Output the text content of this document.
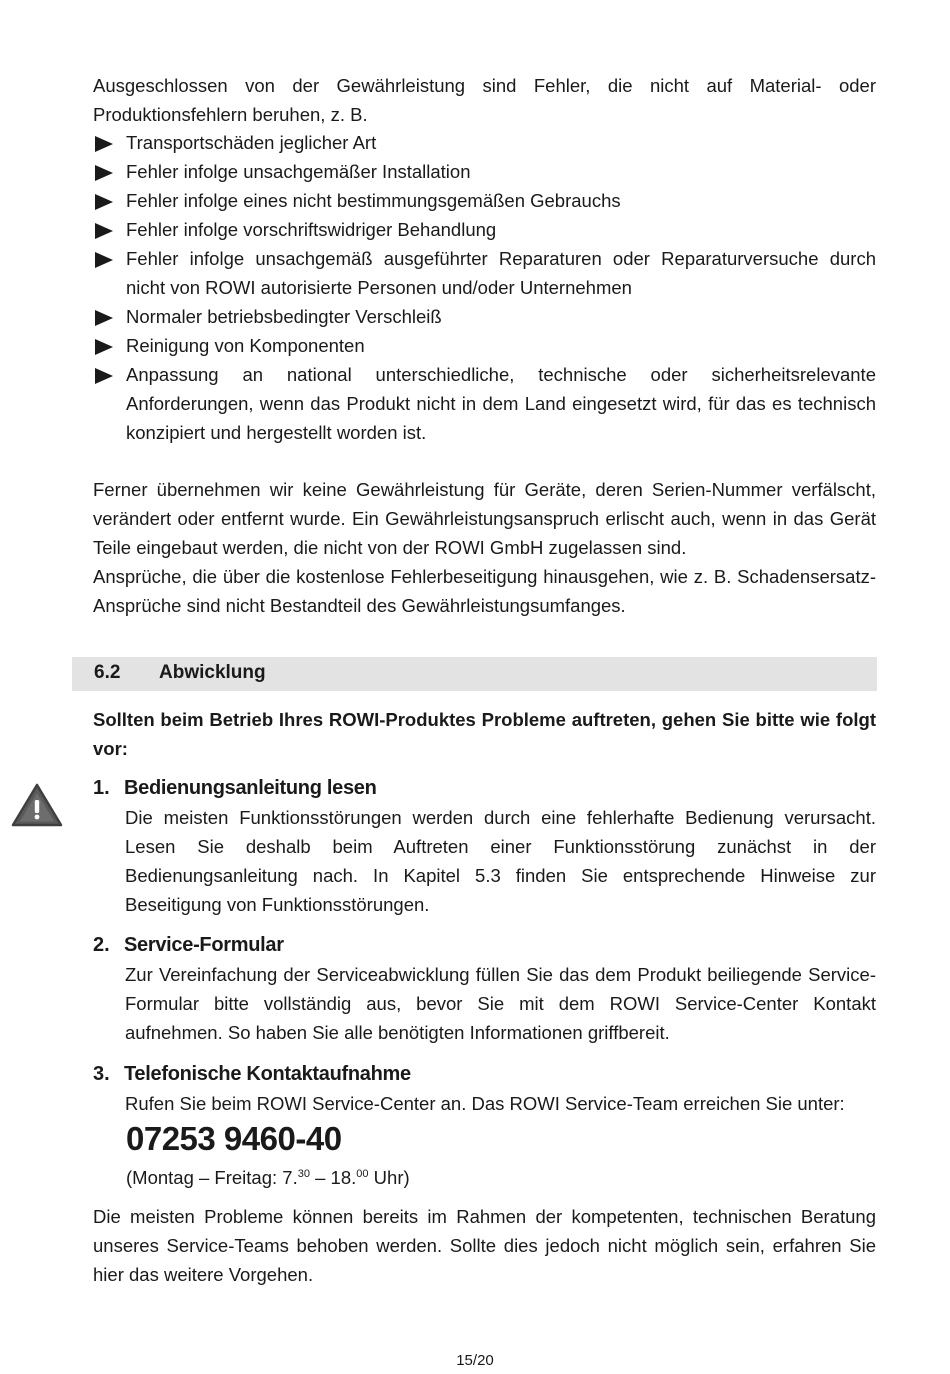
Ausgeschlossen von der Gewährleistung sind Fehler, die nicht auf Material- oder Produktionsfehlern beruhen, z. B.

Transportschäden jeglicher Art
Fehler infolge unsachgemäßer Installation
Fehler infolge eines nicht bestimmungsgemäßen Gebrauchs
Fehler infolge vorschriftswidriger Behandlung
Fehler infolge unsachgemäß ausgeführter Reparaturen oder Reparaturversuche durch nicht von ROWI autorisierte Personen und/oder Unternehmen
Normaler betriebsbedingter Verschleiß
Reinigung von Komponenten
Anpassung an national unterschiedliche, technische oder sicherheitsrelevante Anforderungen, wenn das Produkt nicht in dem Land eingesetzt wird, für das es technisch konzipiert und hergestellt worden ist.

Ferner übernehmen wir keine Gewährleistung für Geräte, deren Serien-Nummer verfälscht, verändert oder entfernt wurde. Ein Gewährleistungsanspruch erlischt auch, wenn in das Gerät Teile eingebaut werden, die nicht von der ROWI GmbH zugelassen sind.

Ansprüche, die über die kostenlose Fehlerbeseitigung hinausgehen, wie z. B. Schadensersatz-Ansprüche sind nicht Bestandteil des Gewährleistungsumfanges.

6.2 Abwicklung

Sollten beim Betrieb Ihres ROWI-Produktes Probleme auftreten, gehen Sie bitte wie folgt vor:

1. Bedienungsanleitung lesen

Die meisten Funktionsstörungen werden durch eine fehlerhafte Bedienung verursacht. Lesen Sie deshalb beim Auftreten einer Funktionsstörung zunächst in der Bedienungsanleitung nach. In Kapitel 5.3 finden Sie entsprechende Hinweise zur Beseitigung von Funktionsstörungen.

2. Service-Formular

Zur Vereinfachung der Serviceabwicklung füllen Sie das dem Produkt beiliegende Service-Formular bitte vollständig aus, bevor Sie mit dem ROWI Service-Center Kontakt aufnehmen. So haben Sie alle benötigten Informationen griffbereit.

3. Telefonische Kontaktaufnahme

Rufen Sie beim ROWI Service-Center an. Das ROWI Service-Team erreichen Sie unter:

07253 9460-40
(Montag – Freitag: 7.30 – 18.00 Uhr)

Die meisten Probleme können bereits im Rahmen der kompetenten, technischen Beratung unseres Service-Teams behoben werden. Sollte dies jedoch nicht möglich sein, erfahren Sie hier das weitere Vorgehen.

15/20
